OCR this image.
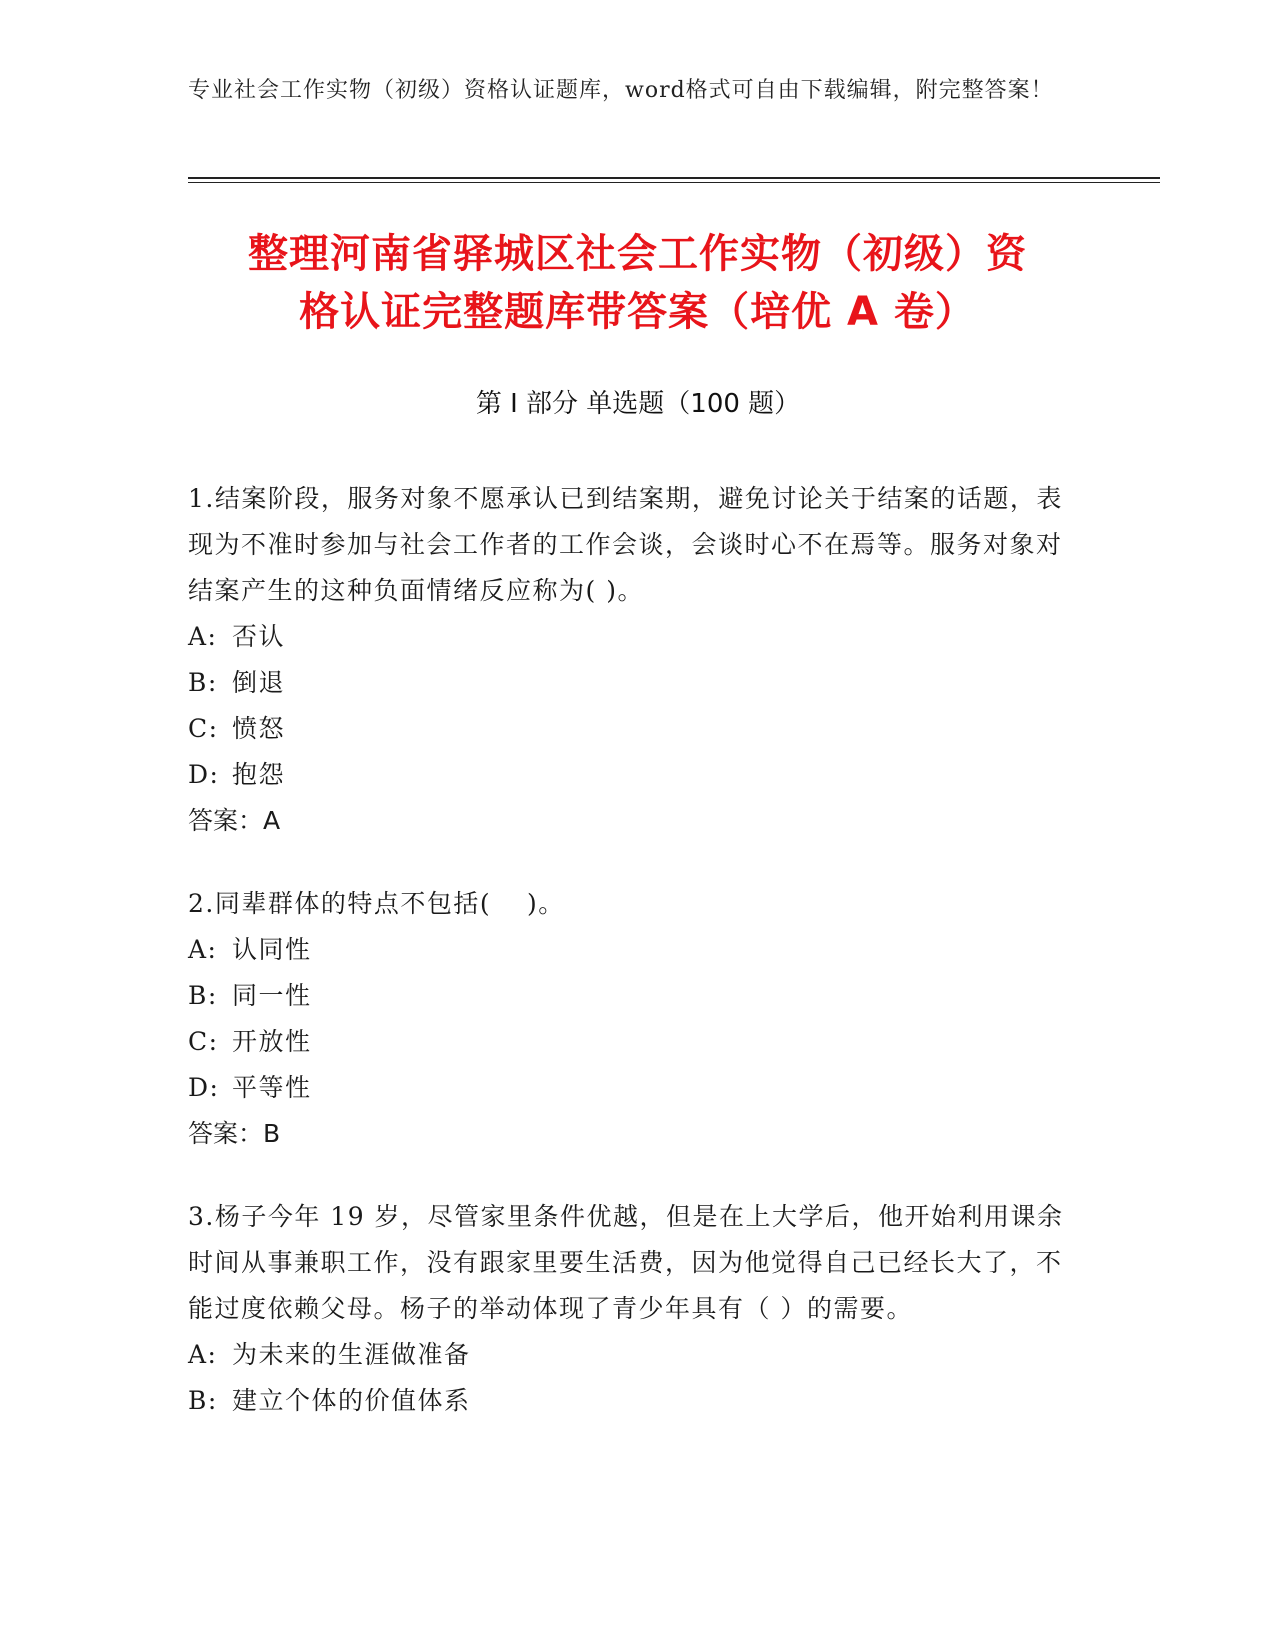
专业社会工作实物（初级）资格认证题库，word格式可自由下载编辑，附完整答案！
整理河南省驿城区社会工作实物（初级）资
格认证完整题库带答案（培优 A 卷）
第 I 部分 单选题（100 题）

1.结案阶段，服务对象不愿承认已到结案期，避免讨论关于结案的话题，表现为不准时参加与社会工作者的工作会谈，会谈时心不在焉等。服务对象对结案产生的这种负面情绪反应称为( )。

A: 否认

B: 倒退

C: 愤怒

D: 抱怨

答案：A

2.同辈群体的特点不包括(　 )。

A: 认同性

B: 同一性

C: 开放性

D: 平等性

答案：B

3.杨子今年 19 岁，尽管家里条件优越，但是在上大学后，他开始利用课余时间从事兼职工作，没有跟家里要生活费，因为他觉得自己已经长大了，不能过度依赖父母。杨子的举动体现了青少年具有（ ）的需要。

A: 为未来的生涯做准备

B: 建立个体的价值体系
